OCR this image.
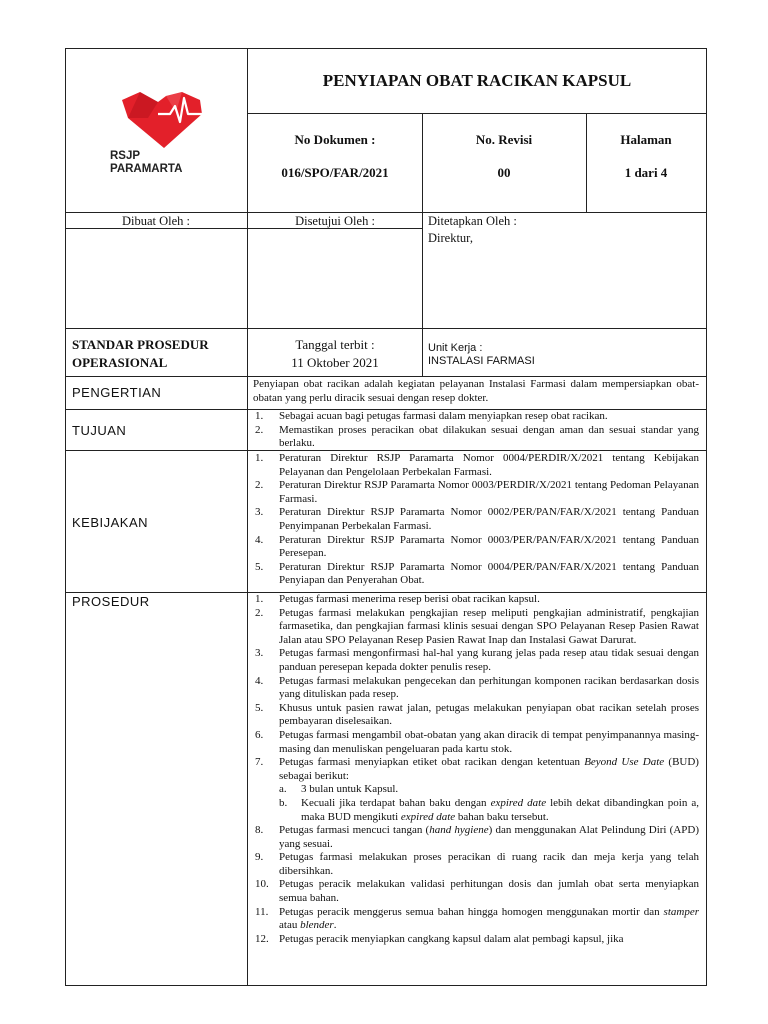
RSJP
PARAMARTA
PENYIAPAN OBAT RACIKAN KAPSUL
No Dokumen :
016/SPO/FAR/2021
No. Revisi
00
Halaman
1 dari 4
Dibuat Oleh :	Disetujui Oleh :	Ditetapkan Oleh :
Direktur,
STANDAR PROSEDUR
OPERASIONAL
Tanggal terbit :
11 Oktober 2021
Unit Kerja :
INSTALASI FARMASI
PENGERTIAN
Penyiapan obat racikan adalah kegiatan pelayanan Instalasi Farmasi dalam mempersiapkan obat-obatan yang perlu diracik sesuai dengan resep dokter.
TUJUAN
1. Sebagai acuan bagi petugas farmasi dalam menyiapkan resep obat racikan.
2. Memastikan proses peracikan obat dilakukan sesuai dengan aman dan sesuai standar yang berlaku.
KEBIJAKAN
1. Peraturan Direktur RSJP Paramarta Nomor 0004/PERDIR/X/2021 tentang Kebijakan Pelayanan dan Pengelolaan Perbekalan Farmasi.
2. Peraturan Direktur RSJP Paramarta Nomor 0003/PERDIR/X/2021 tentang Pedoman Pelayanan Farmasi.
3. Peraturan Direktur RSJP Paramarta Nomor 0002/PER/PAN/FAR/X/2021 tentang Panduan Penyimpanan Perbekalan Farmasi.
4. Peraturan Direktur RSJP Paramarta Nomor 0003/PER/PAN/FAR/X/2021 tentang Panduan Peresepan.
5. Peraturan Direktur RSJP Paramarta Nomor 0004/PER/PAN/FAR/X/2021 tentang Panduan Penyiapan dan Penyerahan Obat.
PROSEDUR	1. Petugas farmasi menerima resep berisi obat racikan kapsul.
2. Petugas farmasi melakukan pengkajian resep meliputi pengkajian administratif, pengkajian farmasetika, dan pengkajian farmasi klinis sesuai dengan SPO Pelayanan Resep Pasien Rawat Jalan atau SPO Pelayanan Resep Pasien Rawat Inap dan Instalasi Gawat Darurat.
3. Petugas farmasi mengonfirmasi hal-hal yang kurang jelas pada resep atau tidak sesuai dengan panduan peresepan kepada dokter penulis resep.
4. Petugas farmasi melakukan pengecekan dan perhitungan komponen racikan berdasarkan dosis yang dituliskan pada resep.
5. Khusus untuk pasien rawat jalan, petugas melakukan penyiapan obat racikan setelah proses pembayaran diselesaikan.
6. Petugas farmasi mengambil obat-obatan yang akan diracik di tempat penyimpanannya masing-masing dan menuliskan pengeluaran pada kartu stok.
7. Petugas farmasi menyiapkan etiket obat racikan dengan ketentuan Beyond Use Date (BUD) sebagai berikut:
a. 3 bulan untuk Kapsul.
b. Kecuali jika terdapat bahan baku dengan expired date lebih dekat dibandingkan poin a, maka BUD mengikuti expired date bahan baku tersebut.
8. Petugas farmasi mencuci tangan (hand hygiene) dan menggunakan Alat Pelindung Diri (APD) yang sesuai.
9. Petugas farmasi melakukan proses peracikan di ruang racik dan meja kerja yang telah dibersihkan.
10. Petugas peracik melakukan validasi perhitungan dosis dan jumlah obat serta menyiapkan semua bahan.
11. Petugas peracik menggerus semua bahan hingga homogen menggunakan mortir dan stamper atau blender.
12. Petugas peracik menyiapkan cangkang kapsul dalam alat pembagi kapsul, jika
